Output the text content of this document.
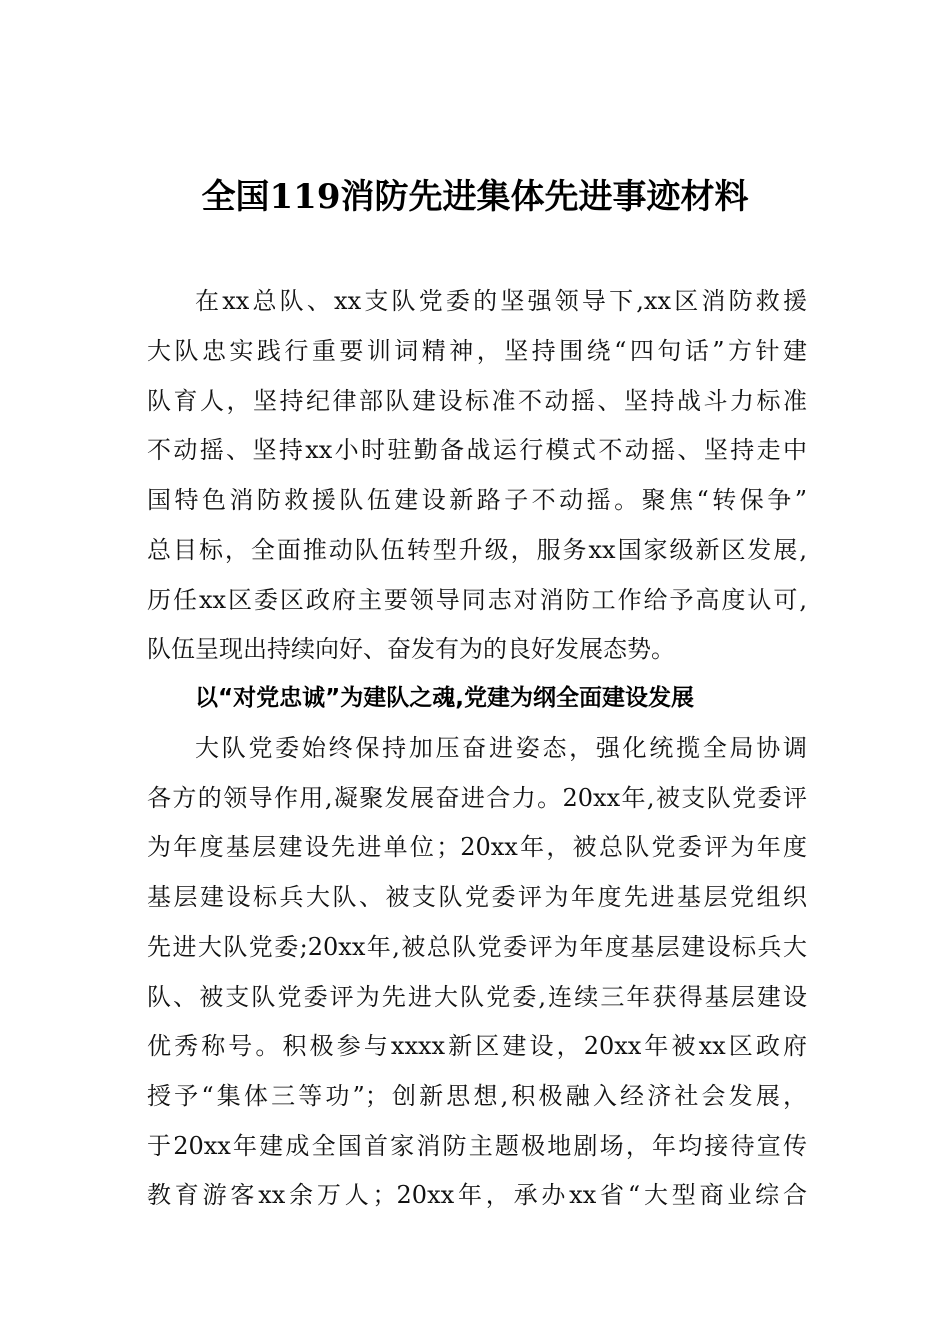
全国119消防先进集体先进事迹材料
在xx总队、xx支队党委的坚强领导下,xx区消防救援
大队忠实践行重要训词精神，坚持围绕“四句话”方针建
队育人，坚持纪律部队建设标准不动摇、坚持战斗力标准
不动摇、坚持xx小时驻勤备战运行模式不动摇、坚持走中
国特色消防救援队伍建设新路子不动摇。聚焦“转保争”
总目标，全面推动队伍转型升级，服务xx国家级新区发展,
历任xx区委区政府主要领导同志对消防工作给予高度认可,
队伍呈现出持续向好、奋发有为的良好发展态势。
以“对党忠诚”为建队之魂,党建为纲全面建设发展
大队党委始终保持加压奋进姿态，强化统揽全局协调
各方的领导作用,凝聚发展奋进合力。20xx年,被支队党委评
为年度基层建设先进单位；20xx年，被总队党委评为年度
基层建设标兵大队、被支队党委评为年度先进基层党组织
先进大队党委;20xx年,被总队党委评为年度基层建设标兵大
队、被支队党委评为先进大队党委,连续三年获得基层建设
优秀称号。积极参与xxxx新区建设，20xx年被xx区政府
授予“集体三等功”；创新思想,积极融入经济社会发展，
于20xx年建成全国首家消防主题极地剧场，年均接待宣传
教育游客xx余万人；20xx年，承办xx省“大型商业综合
